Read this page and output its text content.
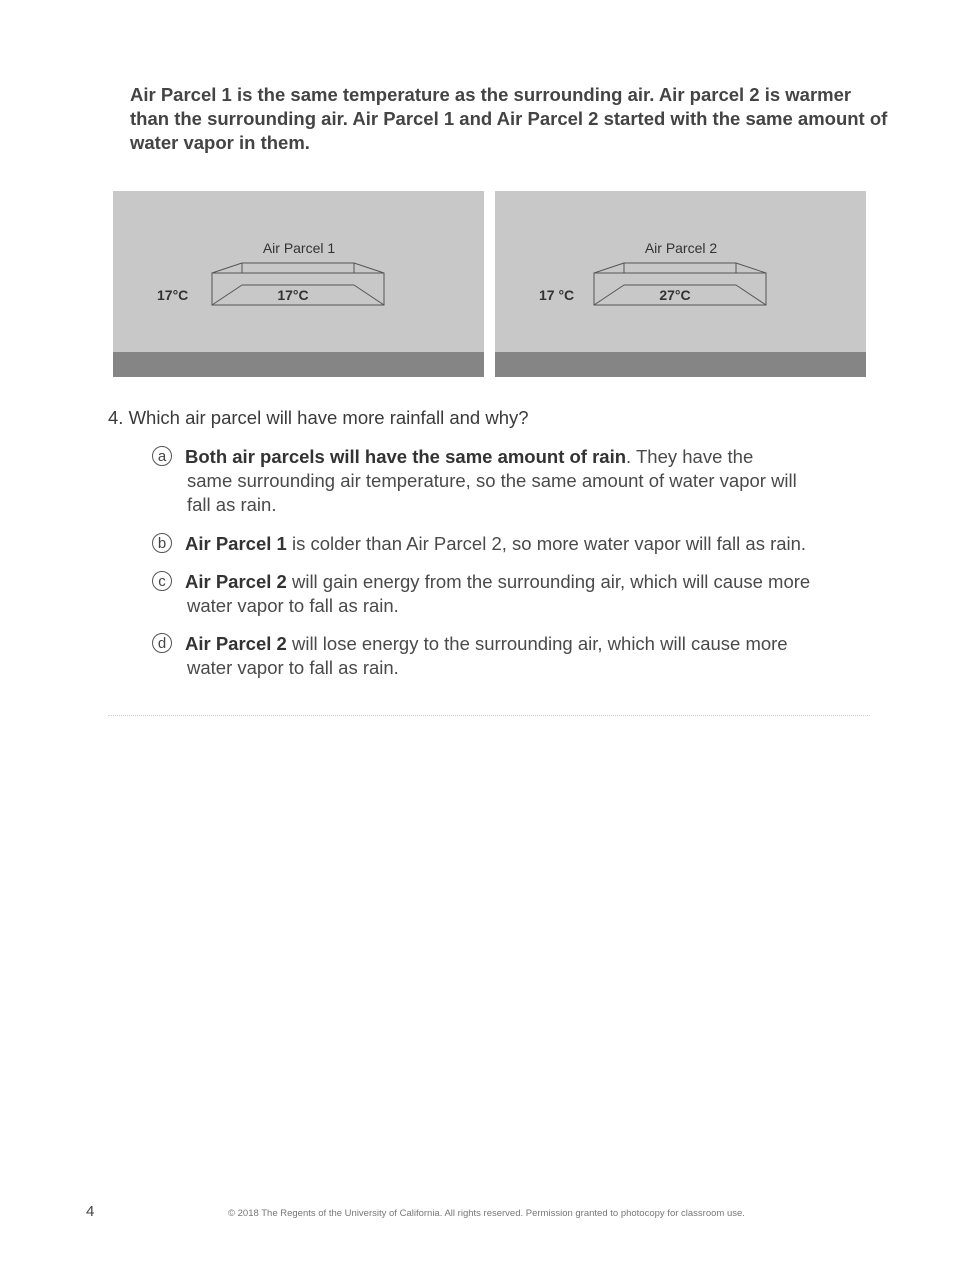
Air Parcel 1 is the same temperature as the surrounding air. Air parcel 2 is warmer than the surrounding air. Air Parcel 1 and Air Parcel 2 started with the same amount of water vapor in them.

Air Parcel 1
17°C	17°C
Air Parcel 2
17 °C	27°C
4. Which air parcel will have more rainfall and why?
a	Both air parcels will have the same amount of rain. They have the
same surrounding air temperature, so the same amount of water vapor will fall as rain.
b	Air Parcel 1 is colder than Air Parcel 2, so more water vapor will fall as rain.
c	Air Parcel 2 will gain energy from the surrounding air, which will cause more
water vapor to fall as rain.
d	Air Parcel 2 will lose energy to the surrounding air, which will cause more
water vapor to fall as rain.
4	© 2018 The Regents of the University of California. All rights reserved. Permission granted to photocopy for classroom use.
